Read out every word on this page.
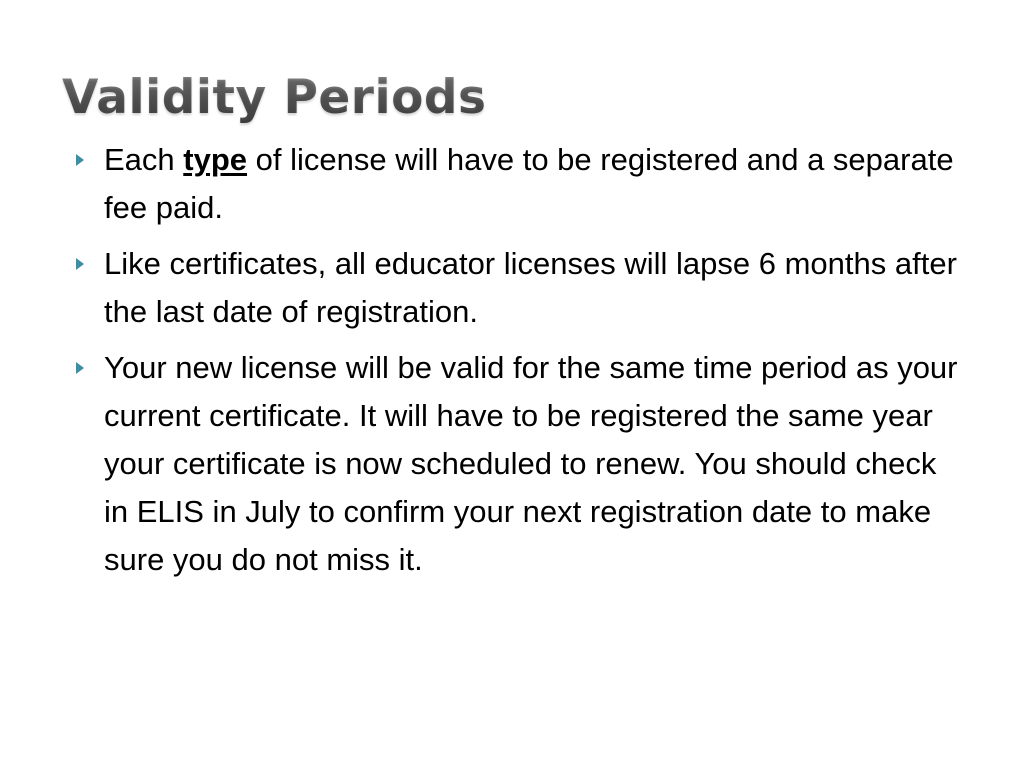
Validity Periods
Each type of license will have to be registered and a separate fee paid.
Like certificates, all educator licenses will lapse 6 months after the last date of registration.
Your new license will be valid for the same time period as your current certificate. It will have to be registered the same year your certificate is now scheduled to renew. You should check in ELIS in July to confirm your next registration date to make sure you do not miss it.
